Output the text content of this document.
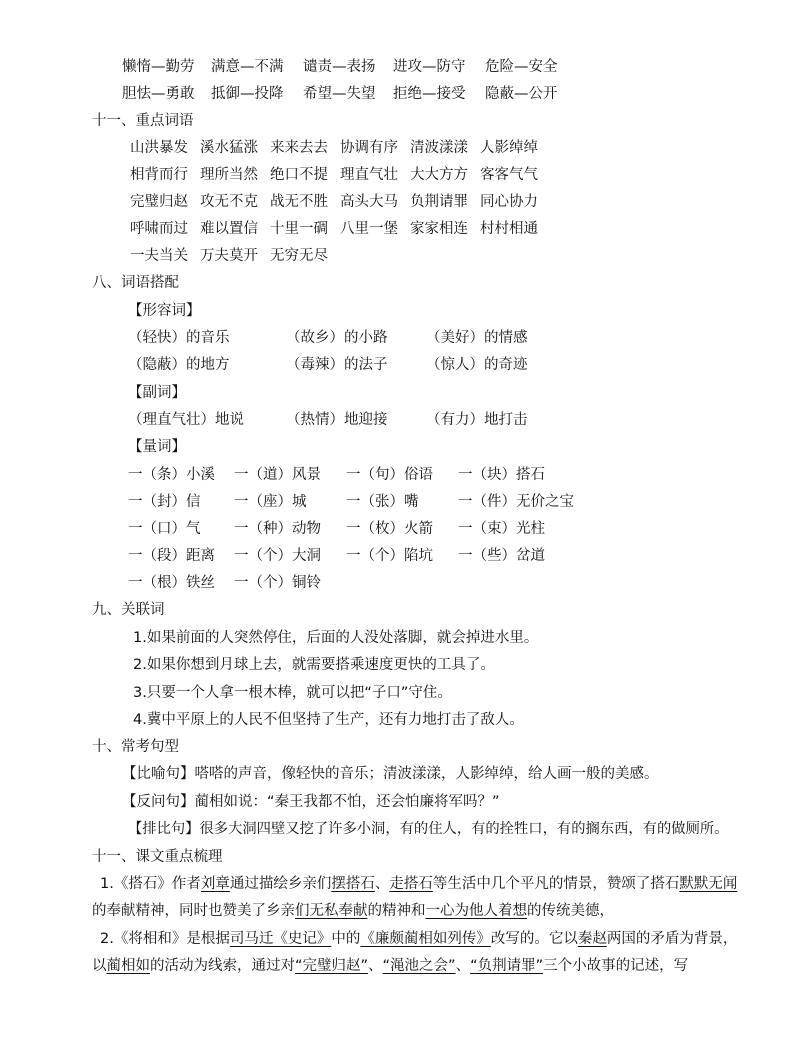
懒惰—勤劳 满意—不满 谴责—表扬 进攻—防守 危险—安全
胆怯—勇敢 抵御—投降 希望—失望 拒绝—接受 隐蔽—公开
十一、重点词语
山洪暴发 溪水猛涨 来来去去 协调有序 清波漾漾 人影绰绰
相背而行 理所当然 绝口不提 理直气壮 大大方方 客客气气
完璧归赵 攻无不克 战无不胜 高头大马 负荆请罪 同心协力
呼啸而过 难以置信 十里一碉 八里一堡 家家相连 村村相通
一夫当关 万夫莫开 无穷无尽
八、词语搭配
【形容词】
（轻快）的音乐	（故乡）的小路	（美好）的情感
（隐蔽）的地方	（毒辣）的法子	（惊人）的奇迹
【副词】
（理直气壮）地说	（热情）地迎接	（有力）地打击
【量词】
一（条）小溪 一（道）风景 一（句）俗语 一（块）搭石
一（封）信 一（座）城	一（张）嘴	一（件）无价之宝
一（口）气 一（种）动物 一（枚）火箭 一（束）光柱
一（段）距离 一（个）大洞 一（个）陷坑 一（些）岔道
一（根）铁丝 一（个）铜铃
九、关联词
1.如果前面的人突然停住，后面的人没处落脚，就会掉进水里。
2.如果你想到月球上去，就需要搭乘速度更快的工具了。
3.只要一个人拿一根木棒，就可以把“子口”守住。
4.冀中平原上的人民不但坚持了生产，还有力地打击了敌人。
十、常考句型
【比喻句】嗒嗒的声音，像轻快的音乐；清波漾漾，人影绰绰，给人画一般的美感。
【反问句】蔺相如说：“秦王我都不怕，还会怕廉将军吗？”
【排比句】很多大洞四壁又挖了许多小洞，有的住人，有的拴牲口，有的搁东西，有的做厕所。
十一、课文重点梳理
1.《搭石》作者刘章通过描绘乡亲们摆搭石、走搭石等生活中几个平凡的情景，赞颂了搭石默默无闻
的奉献精神，同时也赞美了乡亲们无私奉献的精神和一心为他人着想的传统美德，
2.《将相和》是根据司马迁《史记》中的《廉颇蔺相如列传》改写的。它以秦赵两国的矛盾为背景，
以蔺相如的活动为线索，通过对“完璧归赵”、“渑池之会”、“负荆请罪”三个小故事的记述，写
